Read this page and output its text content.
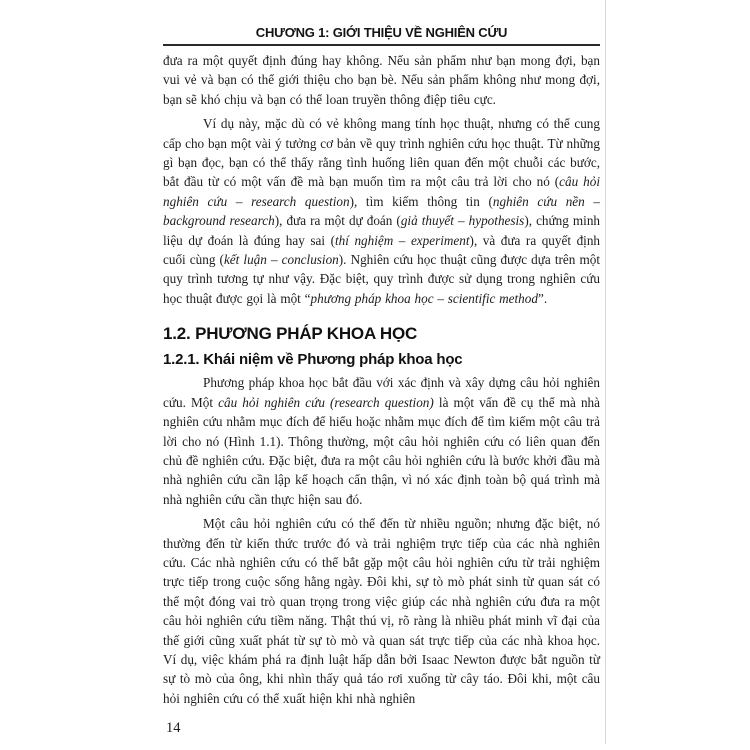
CHƯƠNG 1: GIỚI THIỆU VỀ NGHIÊN CỨU

đưa ra một quyết định đúng hay không. Nếu sản phẩm như bạn mong đợi, bạn vui vẻ và bạn có thể giới thiệu cho bạn bè. Nếu sản phẩm không như mong đợi, bạn sẽ khó chịu và bạn có thể loan truyền thông điệp tiêu cực.

Ví dụ này, mặc dù có vẻ không mang tính học thuật, nhưng có thể cung cấp cho bạn một vài ý tưởng cơ bản về quy trình nghiên cứu học thuật. Từ những gì bạn đọc, bạn có thể thấy rằng tình huống liên quan đến một chuỗi các bước, bắt đầu từ có một vấn đề mà bạn muốn tìm ra một câu trả lời cho nó (câu hỏi nghiên cứu – research question), tìm kiếm thông tin (nghiên cứu nền – background research), đưa ra một dự đoán (giả thuyết – hypothesis), chứng minh liệu dự đoán là đúng hay sai (thí nghiệm – experiment), và đưa ra quyết định cuối cùng (kết luận – conclusion). Nghiên cứu học thuật cũng được dựa trên một quy trình tương tự như vậy. Đặc biệt, quy trình được sử dụng trong nghiên cứu học thuật được gọi là một “phương pháp khoa học – scientific method”.

1.2. PHƯƠNG PHÁP KHOA HỌC
1.2.1. Khái niệm về Phương pháp khoa học

Phương pháp khoa học bắt đầu với xác định và xây dựng câu hỏi nghiên cứu. Một câu hỏi nghiên cứu (research question) là một vấn đề cụ thể mà nhà nghiên cứu nhằm mục đích để hiểu hoặc nhằm mục đích để tìm kiếm một câu trả lời cho nó (Hình 1.1). Thông thường, một câu hỏi nghiên cứu có liên quan đến chủ đề nghiên cứu. Đặc biệt, đưa ra một câu hỏi nghiên cứu là bước khởi đầu mà nhà nghiên cứu cần lập kế hoạch cẩn thận, vì nó xác định toàn bộ quá trình mà nhà nghiên cứu cần thực hiện sau đó.

Một câu hỏi nghiên cứu có thể đến từ nhiều nguồn; nhưng đặc biệt, nó thường đến từ kiến thức trước đó và trải nghiệm trực tiếp của các nhà nghiên cứu. Các nhà nghiên cứu có thể bắt gặp một câu hỏi nghiên cứu từ trải nghiệm trực tiếp trong cuộc sống hằng ngày. Đôi khi, sự tò mò phát sinh từ quan sát có thể một đóng vai trò quan trọng trong việc giúp các nhà nghiên cứu đưa ra một câu hỏi nghiên cứu tiềm năng. Thật thú vị, rõ ràng là nhiều phát minh vĩ đại của thế giới cũng xuất phát từ sự tò mò và quan sát trực tiếp của các nhà khoa học. Ví dụ, việc khám phá ra định luật hấp dẫn bởi Isaac Newton được bắt nguồn từ sự tò mò của ông, khi nhìn thấy quả táo rơi xuống từ cây táo. Đôi khi, một câu hỏi nghiên cứu có thể xuất hiện khi nhà nghiên

14
